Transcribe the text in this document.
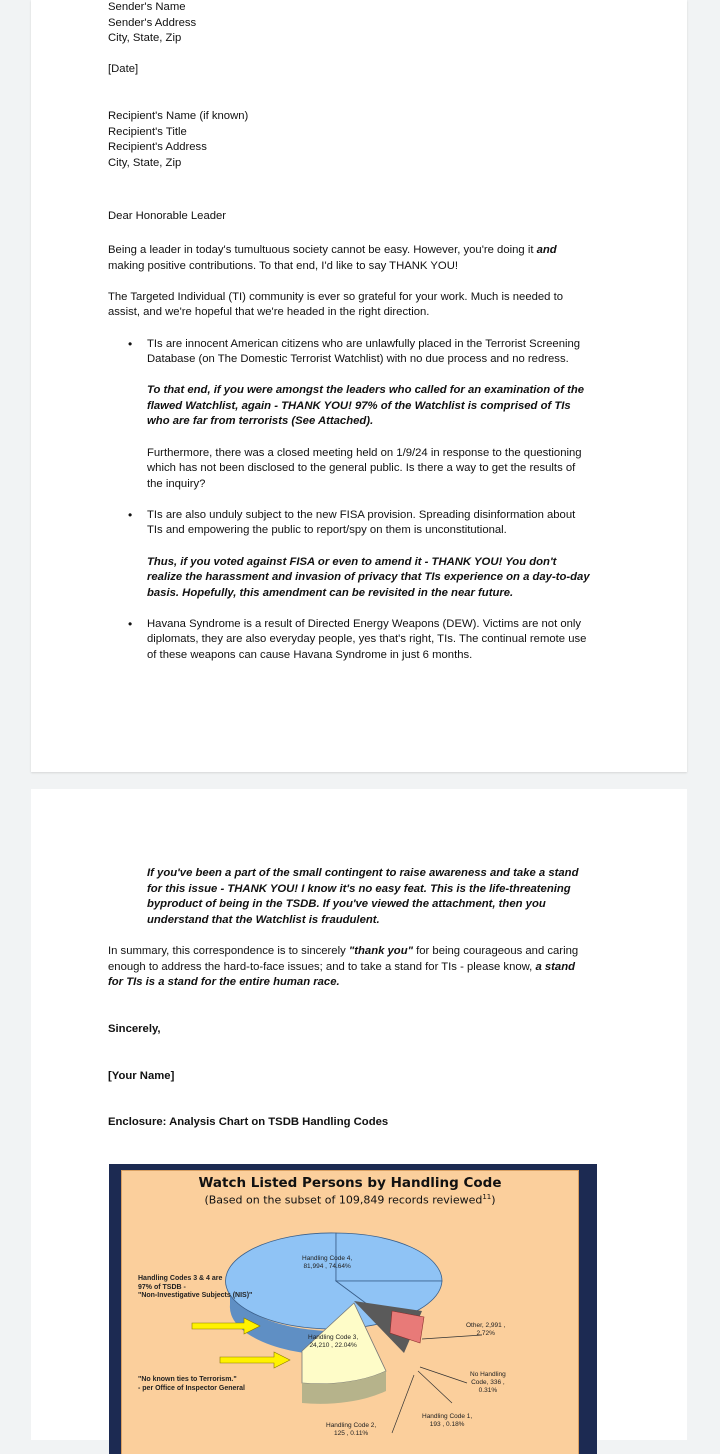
Sender's Name
Sender's Address
City, State, Zip
[Date]
Recipient's Name (if known)
Recipient's Title
Recipient's Address
City, State, Zip
Dear Honorable Leader
Being a leader in today's tumultuous society cannot be easy. However, you're doing it and
making positive contributions. To that end, I'd like to say THANK YOU!
The Targeted Individual (TI) community is ever so grateful for your work. Much is needed to
assist, and we're hopeful that we're headed in the right direction.
• TIs are innocent American citizens who are unlawfully placed in the Terrorist Screening
Database (on The Domestic Terrorist Watchlist) with no due process and no redress.
To that end, if you were amongst the leaders who called for an examination of the
flawed Watchlist, again - THANK YOU! 97% of the Watchlist is comprised of TIs
who are far from terrorists (See Attached).
Furthermore, there was a closed meeting held on 1/9/24 in response to the questioning
which has not been disclosed to the general public. Is there a way to get the results of
the inquiry?
• TIs are also unduly subject to the new FISA provision. Spreading disinformation about
TIs and empowering the public to report/spy on them is unconstitutional.
Thus, if you voted against FISA or even to amend it - THANK YOU! You don't
realize the harassment and invasion of privacy that TIs experience on a day-to-day
basis. Hopefully, this amendment can be revisited in the near future.
• Havana Syndrome is a result of Directed Energy Weapons (DEW). Victims are not only
diplomats, they are also everyday people, yes that's right, TIs. The continual remote use
of these weapons can cause Havana Syndrome in just 6 months.
If you've been a part of the small contingent to raise awareness and take a stand
for this issue - THANK YOU! I know it's no easy feat. This is the life-threatening
byproduct of being in the TSDB. If you've viewed the attachment, then you
understand that the Watchlist is fraudulent.
In summary, this correspondence is to sincerely "thank you" for being courageous and caring
enough to address the hard-to-face issues; and to take a stand for TIs - please know, a stand
for TIs is a stand for the entire human race.
Sincerely,
[Your Name]
Enclosure: Analysis Chart on TSDB Handling Codes
Watch Listed Persons by Handling Code
(Based on the subset of 109,849 records reviewed$^{11}$)
Handling Code 4,
81,994 , 74.64%
Handling Code 3,
24,210 , 22.04%
Other, 2,991 ,
2.72%
No Handling
Code, 336 ,
0.31%
Handling Code 1,
193 , 0.18%
Handling Code 2,
125 , 0.11%
Handling Codes 3 & 4 are
97% of TSDB -
"Non-Investigative Subjects (NIS)"
"No known ties to Terrorism."
- per Office of Inspector General
